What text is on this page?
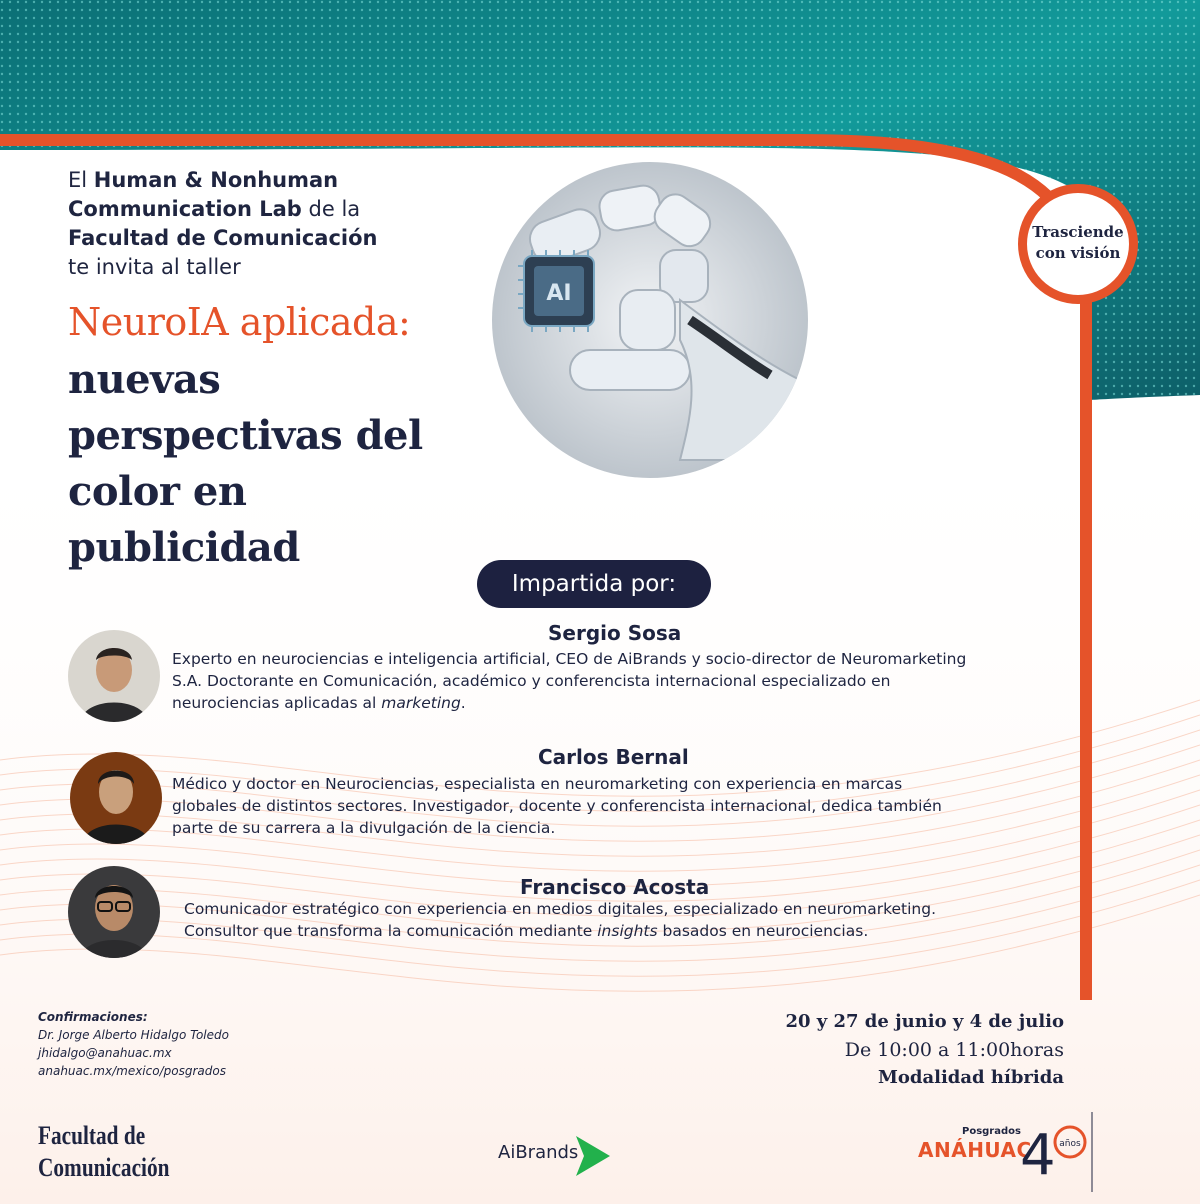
AI
El Human & Nonhuman
Communication Lab de la
Facultad de Comunicación
te invita al taller
NeuroIA aplicada:
nuevas
perspectivas del
color en
publicidad
Trasciende
con visión
Impartida por:
Sergio Sosa
Experto en neurociencias e inteligencia artificial, CEO de AiBrands y socio-director de Neuromarketing
S.A. Doctorante en Comunicación, académico y conferencista internacional especializado en
neurociencias aplicadas al marketing.
Carlos Bernal
Médico y doctor en Neurociencias, especialista en neuromarketing con experiencia en marcas
globales de distintos sectores. Investigador, docente y conferencista internacional, dedica también
parte de su carrera a la divulgación de la ciencia.
Francisco Acosta
Comunicador estratégico con experiencia en medios digitales, especializado en neuromarketing.
Consultor que transforma la comunicación mediante insights basados en neurociencias.
Confirmaciones:
Dr. Jorge Alberto Hidalgo Toledo
jhidalgo@anahuac.mx
anahuac.mx/mexico/posgrados
20 y 27 de junio y 4 de julio
De 10:00 a 11:00horas
Modalidad híbrida
Facultad de
Comunicación
AiBrands
Posgrados
ANÁHUAC
4 años
